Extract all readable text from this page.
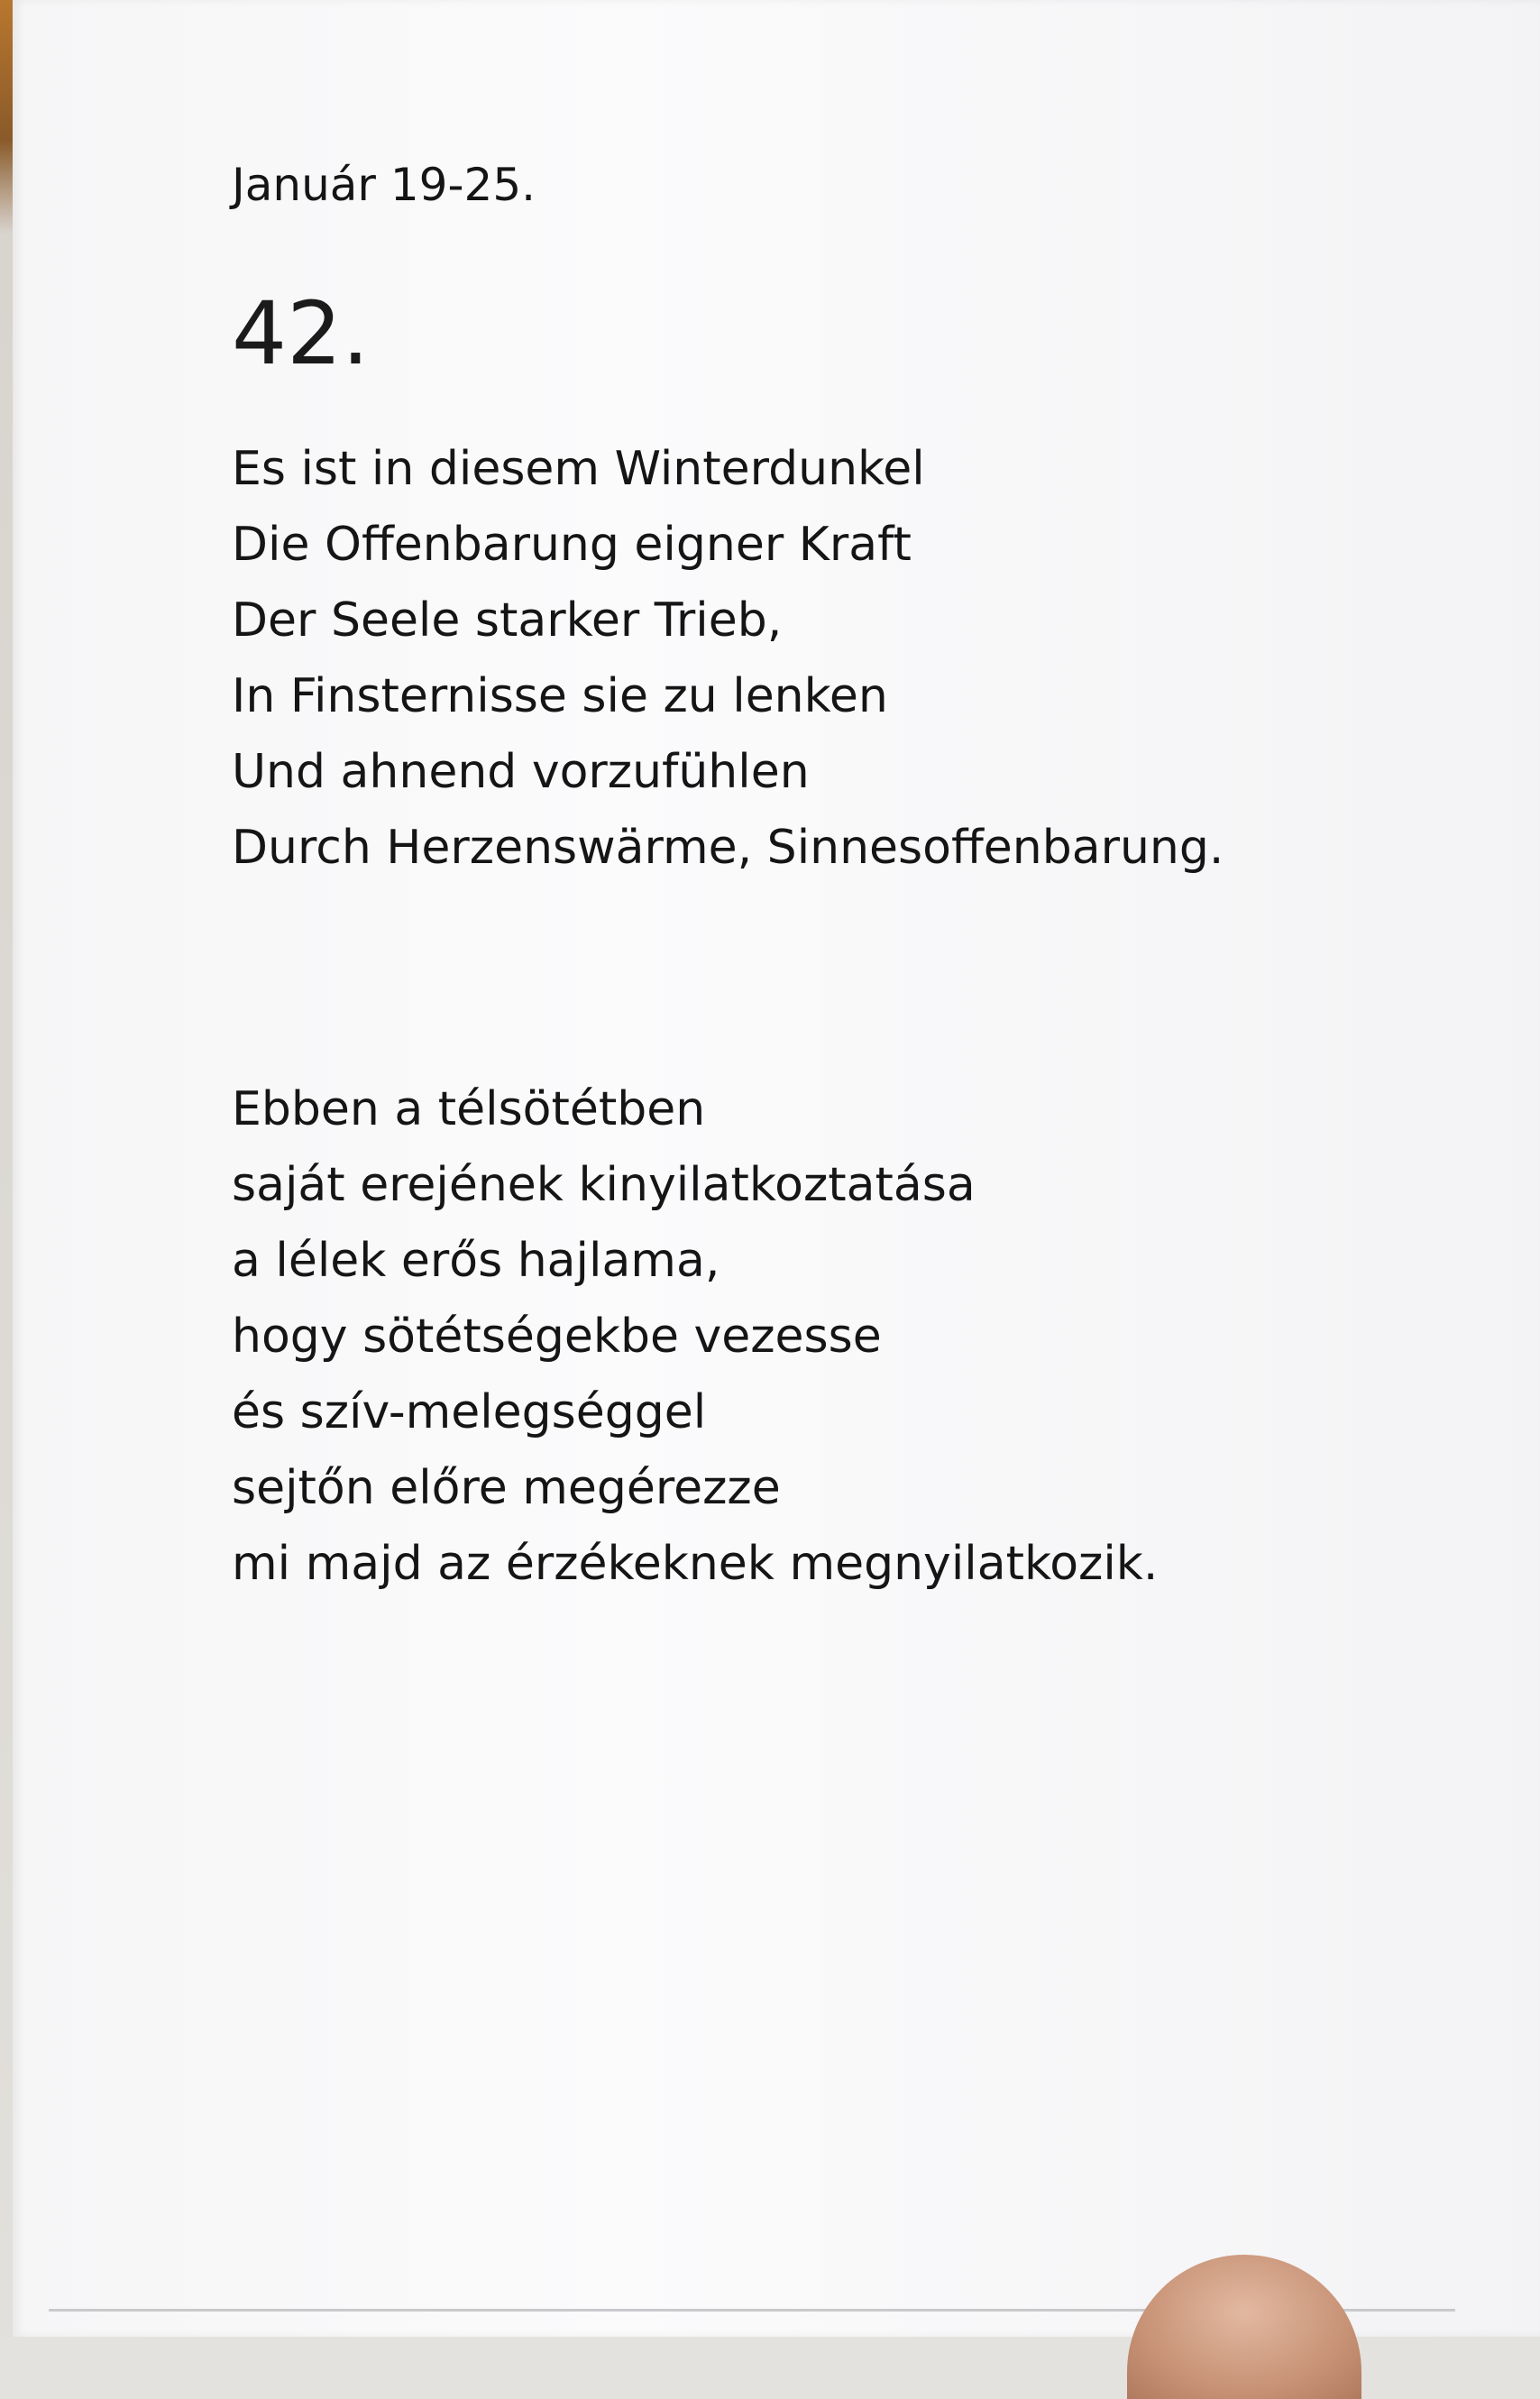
Január 19-25.
42.
Es ist in diesem Winterdunkel
Die Offenbarung eigner Kraft
Der Seele starker Trieb,
In Finsternisse sie zu lenken
Und ahnend vorzufühlen
Durch Herzenswärme, Sinnesoffenbarung.
Ebben a télsötétben
saját erejének kinyilatkoztatása
a lélek erős hajlama,
hogy sötétségekbe vezesse
és szív-melegséggel
sejtőn előre megérezze
mi majd az érzékeknek megnyilatkozik.
